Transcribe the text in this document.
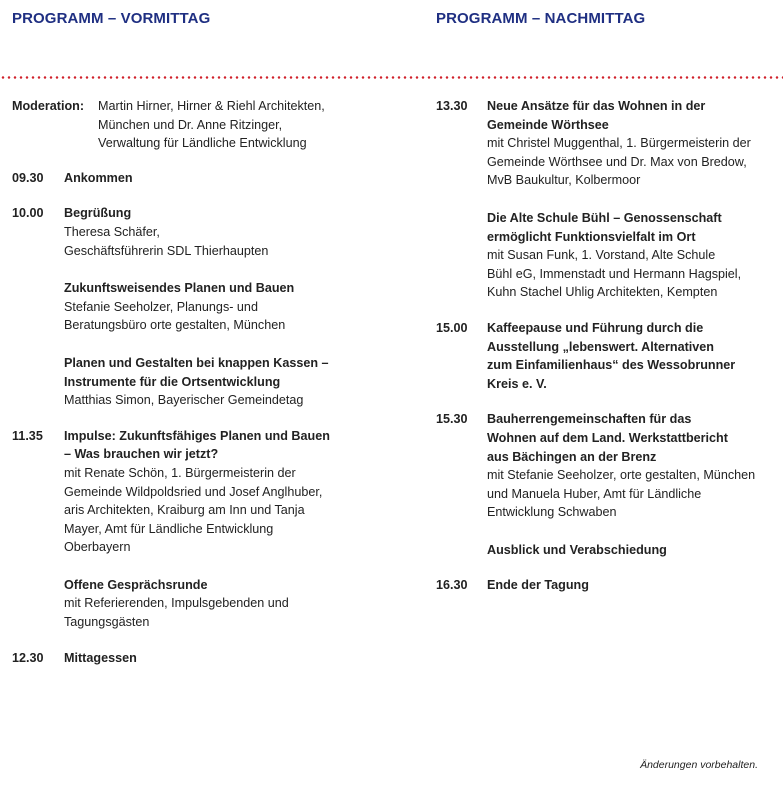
PROGRAMM – VORMITTAG
Moderation:	Martin Hirner, Hirner & Riehl Architekten,
München und Dr. Anne Ritzinger,
Verwaltung für Ländliche Entwicklung
09.30	Ankommen
10.00	Begrüßung
Theresa Schäfer,
Geschäftsführerin SDL Thierhaupten
Zukunftsweisendes Planen und Bauen
Stefanie Seeholzer, Planungs- und
Beratungsbüro orte gestalten, München
Planen und Gestalten bei knappen Kassen –
Instrumente für die Ortsentwicklung
Matthias Simon, Bayerischer Gemeindetag
11.35	Impulse: Zukunftsfähiges Planen und Bauen
– Was brauchen wir jetzt?
mit Renate Schön, 1. Bürgermeisterin der
Gemeinde Wildpoldsried und Josef Anglhuber,
aris Architekten, Kraiburg am Inn und Tanja
Mayer, Amt für Ländliche Entwicklung
Oberbayern
Offene Gesprächsrunde
mit Referierenden, Impulsgebenden und
Tagungsgästen
12.30	Mittagessen
PROGRAMM – NACHMITTAG
13.30	Neue Ansätze für das Wohnen in der
Gemeinde Wörthsee
mit Christel Muggenthal, 1. Bürgermeisterin der
Gemeinde Wörthsee und Dr. Max von Bredow,
MvB Baukultur, Kolbermoor
Die Alte Schule Bühl – Genossenschaft
ermöglicht Funktionsvielfalt im Ort
mit Susan Funk, 1. Vorstand, Alte Schule
Bühl eG, Immenstadt und Hermann Hagspiel,
Kuhn Stachel Uhlig Architekten, Kempten
15.00	Kaffeepause und Führung durch die
Ausstellung „lebenswert. Alternativen
zum Einfamilienhaus“ des Wessobrunner
Kreis e. V.
15.30	Bauherrengemeinschaften für das
Wohnen auf dem Land. Werkstattbericht
aus Bächingen an der Brenz
mit Stefanie Seeholzer, orte gestalten, München
und Manuela Huber, Amt für Ländliche
Entwicklung Schwaben
Ausblick und Verabschiedung
16.30	Ende der Tagung
Änderungen vorbehalten.
